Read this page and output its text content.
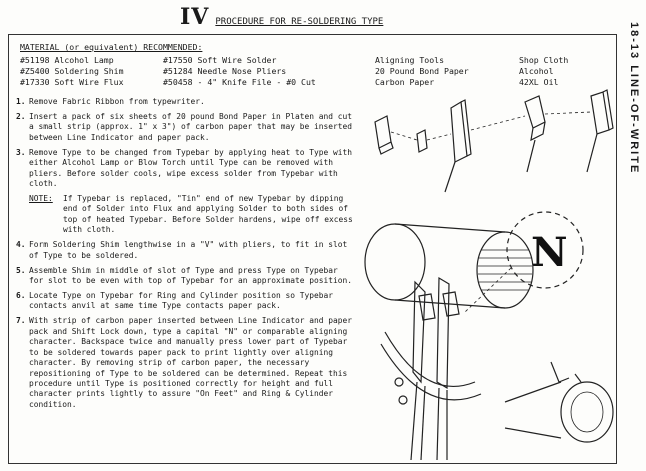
IV PROCEDURE FOR RE-SOLDERING TYPE	18-13 LINE-OF-WRITE
MATERIAL (or equivalent) RECOMMENDED:
#51198 Alcohol Lamp
#Z5400 Soldering Shim
#17330 Soft Wire Flux
#17550 Soft Wire Solder
#51284 Needle Nose Pliers
#50458 - 4" Knife File - #0 Cut
Aligning Tools
20 Pound Bond Paper
Carbon Paper
Shop Cloth
Alcohol
42XL Oil
1. Remove Fabric Ribbon from typewriter.
2. Insert a pack of six sheets of 20 pound Bond Paper in Platen and cut a small strip (approx. 1" x 3") of carbon paper that may be inserted between Line Indicator and paper pack.
3. Remove Type to be changed from Typebar by applying heat to Type with either Alcohol Lamp or Blow Torch until Type can be removed with pliers. Before solder cools, wipe excess solder from Typebar with cloth.
NOTE:	If Typebar is replaced, "Tin" end of new Typebar by dipping end of Solder into Flux and applying Solder to both sides of top of heated Typebar. Before Solder hardens, wipe off excess with cloth.
4. Form Soldering Shim lengthwise in a "V" with pliers, to fit in slot of Type to be soldered.
5. Assemble Shim in middle of slot of Type and press Type on Typebar for slot to be even with top of Typebar for an approximate position.
6. Locate Type on Typebar for Ring and Cylinder position so Typebar contacts anvil at same time Type contacts paper pack.
7. With strip of carbon paper inserted between Line Indicator and paper pack and Shift Lock down, type a capital "N" or comparable aligning character. Backspace twice and manually press lower part of Typebar to be soldered towards paper pack to print lightly over aligning character. By removing strip of carbon paper, the necessary repositioning of Type to be soldered can be determined. Repeat this procedure until Type is positioned correctly for height and full character prints lightly to assure "On Feet" and Ring & Cylinder condition.
N
